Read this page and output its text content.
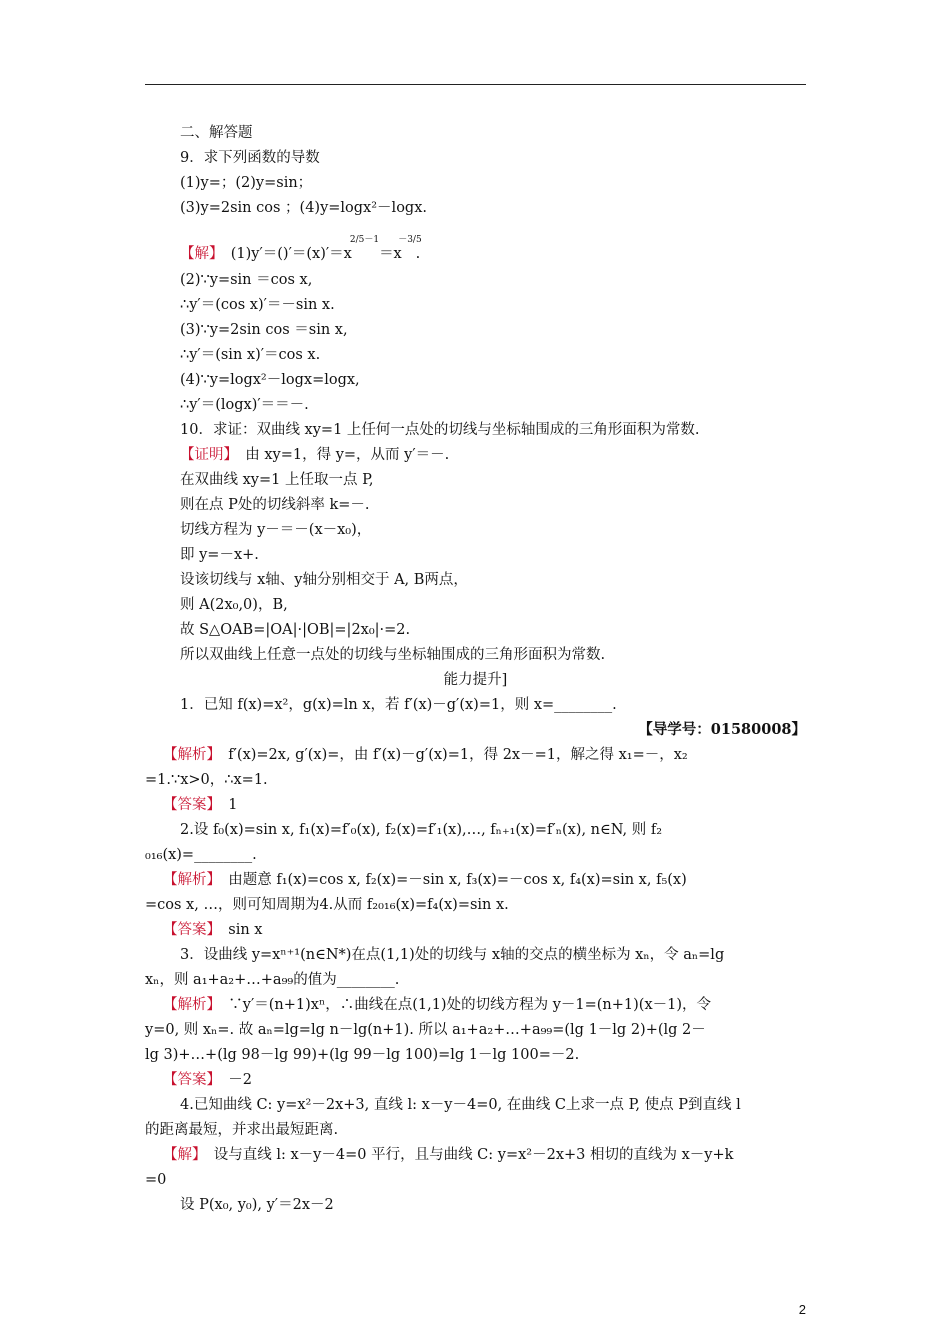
二、解答题
9．求下列函数的导数
(1)y=；(2)y=sin；
(3)y=2sin cos ；(4)y=logx²－logx.
【解】　$(1)y'=()'=(x)'=x^{2/5-1}=x$   .$^{-3/5}$
(2)∵y=sin ＝cos x,
∴y′＝(cos x)′＝－sin x.
(3)∵y=2sin cos ＝sin x,
∴y′＝(sin x)′＝cos x.
(4)∵y=logx²－logx=logx,
∴y′＝(logx)′＝＝－.
10．求证：双曲线 xy=1 上任何一点处的切线与坐标轴围成的三角形面积为常数.
【证明】　由 xy=1，得 y=，从而 y′＝－.
在双曲线 xy=1 上任取一点 P,
则在点 P处的切线斜率 k=－.
切线方程为 y－＝－(x－x₀)，
即 y=－x+.
设该切线与 x轴、y轴分别相交于 A, B两点，
则 A(2x₀,0)，B,
故 S△OAB=|OA|·|OB|=|2x₀|·=2.
所以双曲线上任意一点处的切线与坐标轴围成的三角形面积为常数.
1．已知 f(x)=x²，g(x)=ln x，若 f′(x)－g′(x)=1，则 x=________.
【解析】　f′(x)=2x, g′(x)=，由 f′(x)－g′(x)=1，得 2x－=1，解之得 x₁=－，x₂
=1.∵x>0，∴x=1.
【答案】　1
2.设 f₀(x)=sin x, f₁(x)=f′₀(x), f₂(x)=f′₁(x),…, fₙ₊₁(x)=f′ₙ(x), n∈N, 则 f₂
₀₁₆(x)=________.
【解析】　由题意 f₁(x)=cos x, f₂(x)=－sin x, f₃(x)=－cos x, f₄(x)=sin x, f₅(x)
=cos x, …，则可知周期为4.从而 f₂₀₁₆(x)=f₄(x)=sin x.
【答案】　sin x
3．设曲线 y=xⁿ⁺¹(n∈N*)在点(1,1)处的切线与 x轴的交点的横坐标为 xₙ，令 aₙ=lg
xₙ，则 a₁+a₂+…+a₉₉的值为________.
【解析】　∵y′＝(n+1)xⁿ，∴曲线在点(1,1)处的切线方程为 y－1=(n+1)(x－1)，令
y=0, 则 xₙ=. 故 aₙ=lg=lg n－lg(n+1). 所以 a₁+a₂+…+a₉₉=(lg 1－lg 2)+(lg 2－
lg 3)+…+(lg 98－lg 99)+(lg 99－lg 100)=lg 1－lg 100=－2.
【答案】　－2
4.已知曲线 C: y=x²－2x+3, 直线 l: x－y－4=0, 在曲线 C上求一点 P, 使点 P到直线 l
的距离最短，并求出最短距离.
【解】　设与直线 l: x－y－4=0 平行，且与曲线 C: y=x²－2x+3 相切的直线为 x－y+k
=0
设 P(x₀, y₀), y′＝2x－2
能力提升]
【导学号：01580008】
2
